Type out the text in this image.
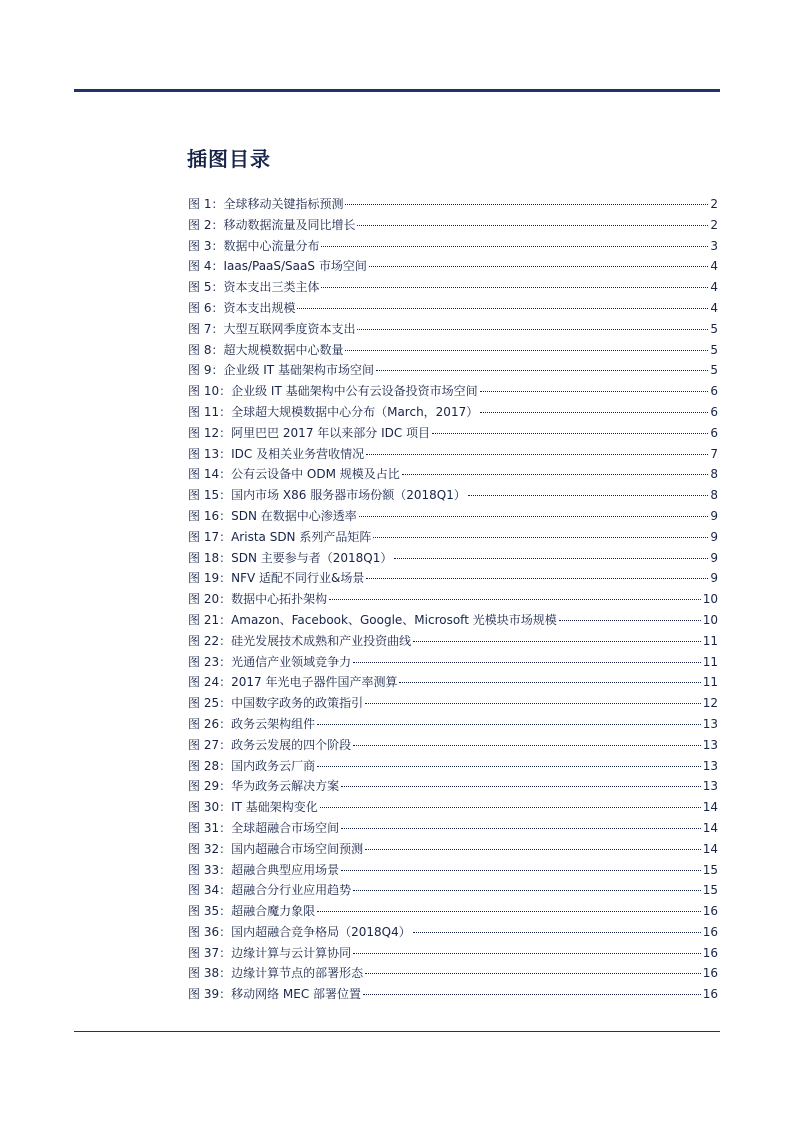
插图目录
图 1： 全球移动关键指标预测	2
图 2： 移动数据流量及同比增长	2
图 3： 数据中心流量分布	3
图 4： Iaas/PaaS/SaaS 市场空间	4
图 5： 资本支出三类主体	4
图 6： 资本支出规模	4
图 7： 大型互联网季度资本支出	5
图 8： 超大规模数据中心数量	5
图 9： 企业级 IT 基础架构市场空间	5
图 10： 企业级 IT 基础架构中公有云设备投资市场空间	6
图 11： 全球超大规模数据中心分布（March，2017）	6
图 12： 阿里巴巴 2017 年以来部分 IDC 项目	6
图 13： IDC 及相关业务营收情况	7
图 14： 公有云设备中 ODM 规模及占比	8
图 15： 国内市场 X86 服务器市场份额（2018Q1）	8
图 16： SDN 在数据中心渗透率	9
图 17： Arista SDN 系列产品矩阵	9
图 18： SDN 主要参与者（2018Q1）	9
图 19： NFV 适配不同行业&场景	9
图 20： 数据中心拓扑架构	10
图 21： Amazon、Facebook、Google、Microsoft 光模块市场规模	10
图 22： 硅光发展技术成熟和产业投资曲线	11
图 23： 光通信产业领域竞争力	11
图 24： 2017 年光电子器件国产率测算	11
图 25： 中国数字政务的政策指引	12
图 26： 政务云架构组件	13
图 27： 政务云发展的四个阶段	13
图 28： 国内政务云厂商	13
图 29： 华为政务云解决方案	13
图 30： IT 基础架构变化	14
图 31： 全球超融合市场空间	14
图 32： 国内超融合市场空间预测	14
图 33： 超融合典型应用场景	15
图 34： 超融合分行业应用趋势	15
图 35： 超融合魔力象限	16
图 36： 国内超融合竞争格局（2018Q4）	16
图 37： 边缘计算与云计算协同	16
图 38： 边缘计算节点的部署形态	16
图 39： 移动网络 MEC 部署位置	16
